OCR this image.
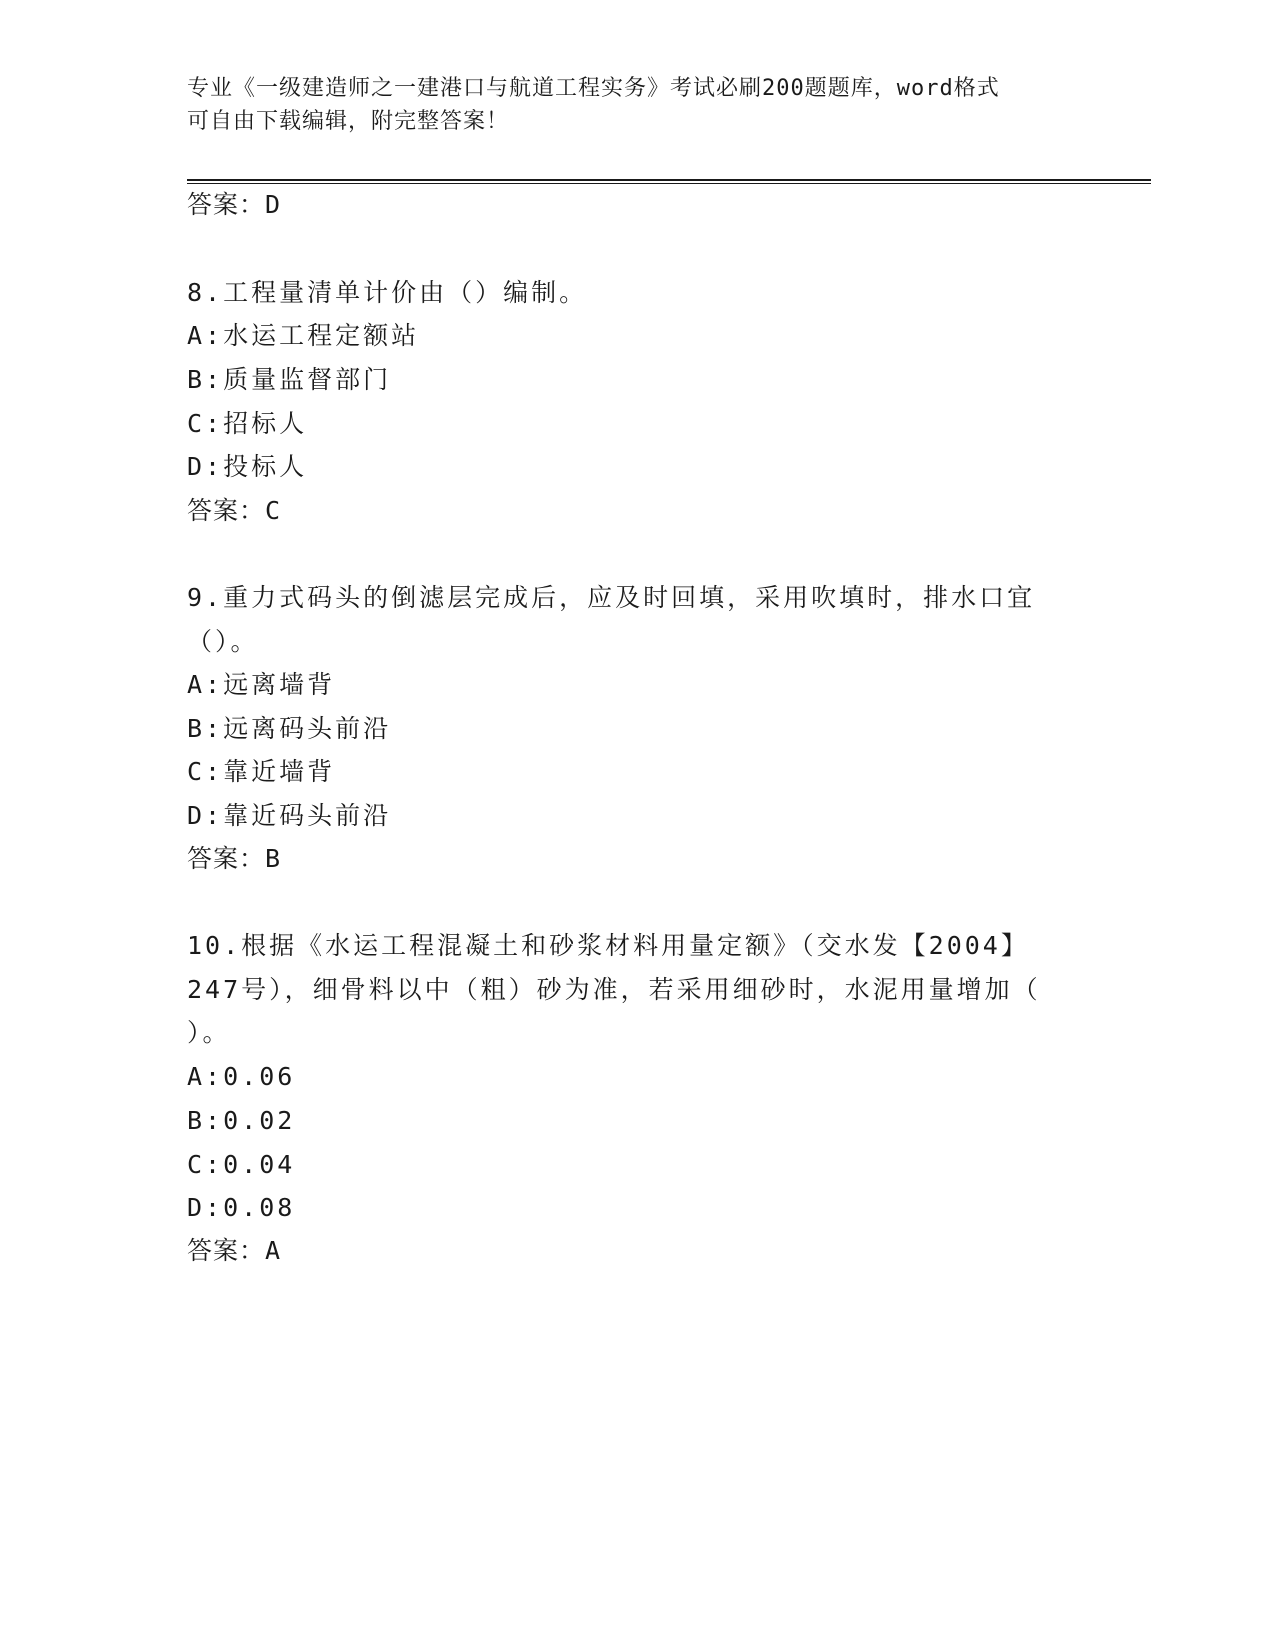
专业《一级建造师之一建港口与航道工程实务》考试必刷200题题库，word格式
可自由下载编辑，附完整答案！
答案：D
8.工程量清单计价由（）编制。
A:水运工程定额站
B:质量监督部门
C:招标人
D:投标人
答案：C
9.重力式码头的倒滤层完成后，应及时回填，采用吹填时，排水口宜
（）。
A:远离墙背
B:远离码头前沿
C:靠近墙背
D:靠近码头前沿
答案：B
10.根据《水运工程混凝土和砂浆材料用量定额》（交水发【2004】
247号），细骨料以中（粗）砂为准，若采用细砂时，水泥用量增加（
）。
A:0.06
B:0.02
C:0.04
D:0.08
答案：A
